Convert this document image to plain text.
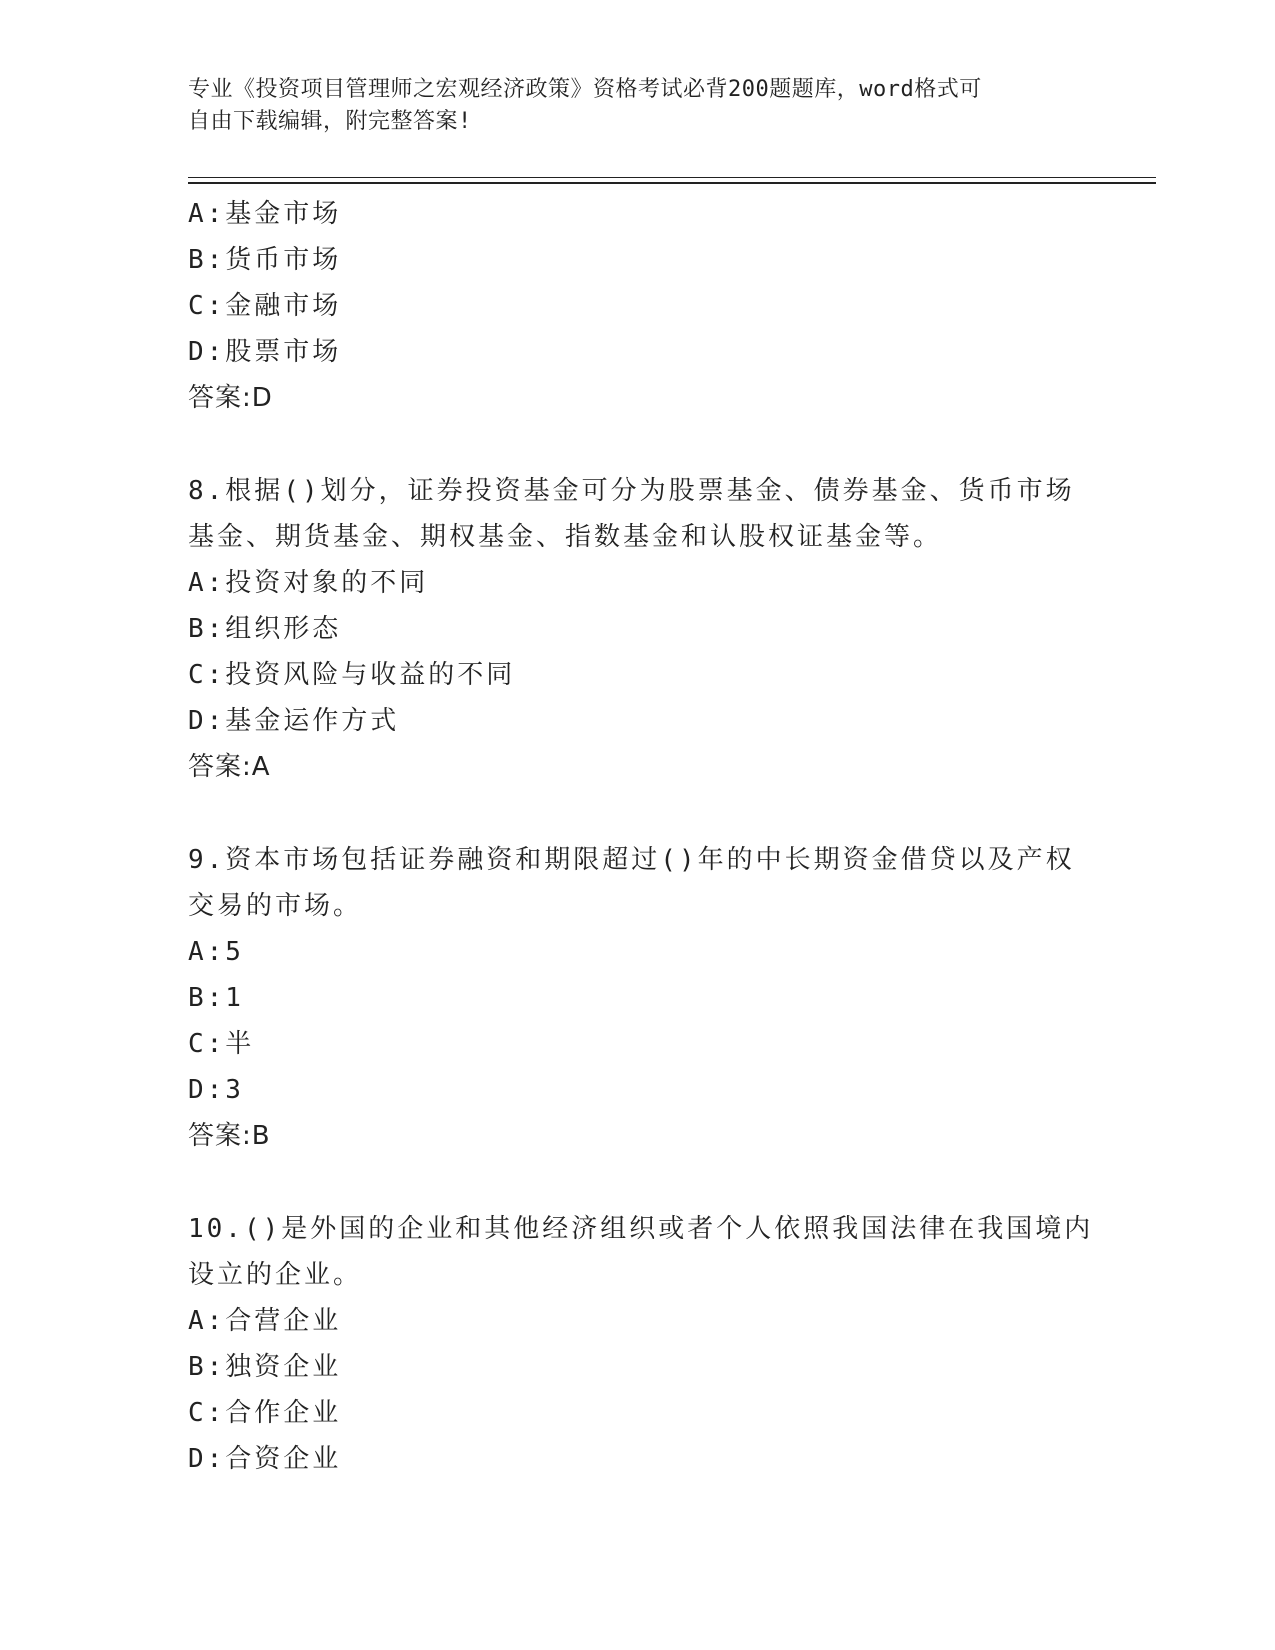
专业《投资项目管理师之宏观经济政策》资格考试必背200题题库，word格式可
自由下载编辑，附完整答案!
A:基金市场
B:货币市场
C:金融市场
D:股票市场
答案:D
8.根据()划分，证券投资基金可分为股票基金、债券基金、货币市场
基金、期货基金、期权基金、指数基金和认股权证基金等。
A:投资对象的不同
B:组织形态
C:投资风险与收益的不同
D:基金运作方式
答案:A
9.资本市场包括证券融资和期限超过()年的中长期资金借贷以及产权
交易的市场。
A:5
B:1
C:半
D:3
答案:B
10.()是外国的企业和其他经济组织或者个人依照我国法律在我国境内
设立的企业。
A:合营企业
B:独资企业
C:合作企业
D:合资企业
